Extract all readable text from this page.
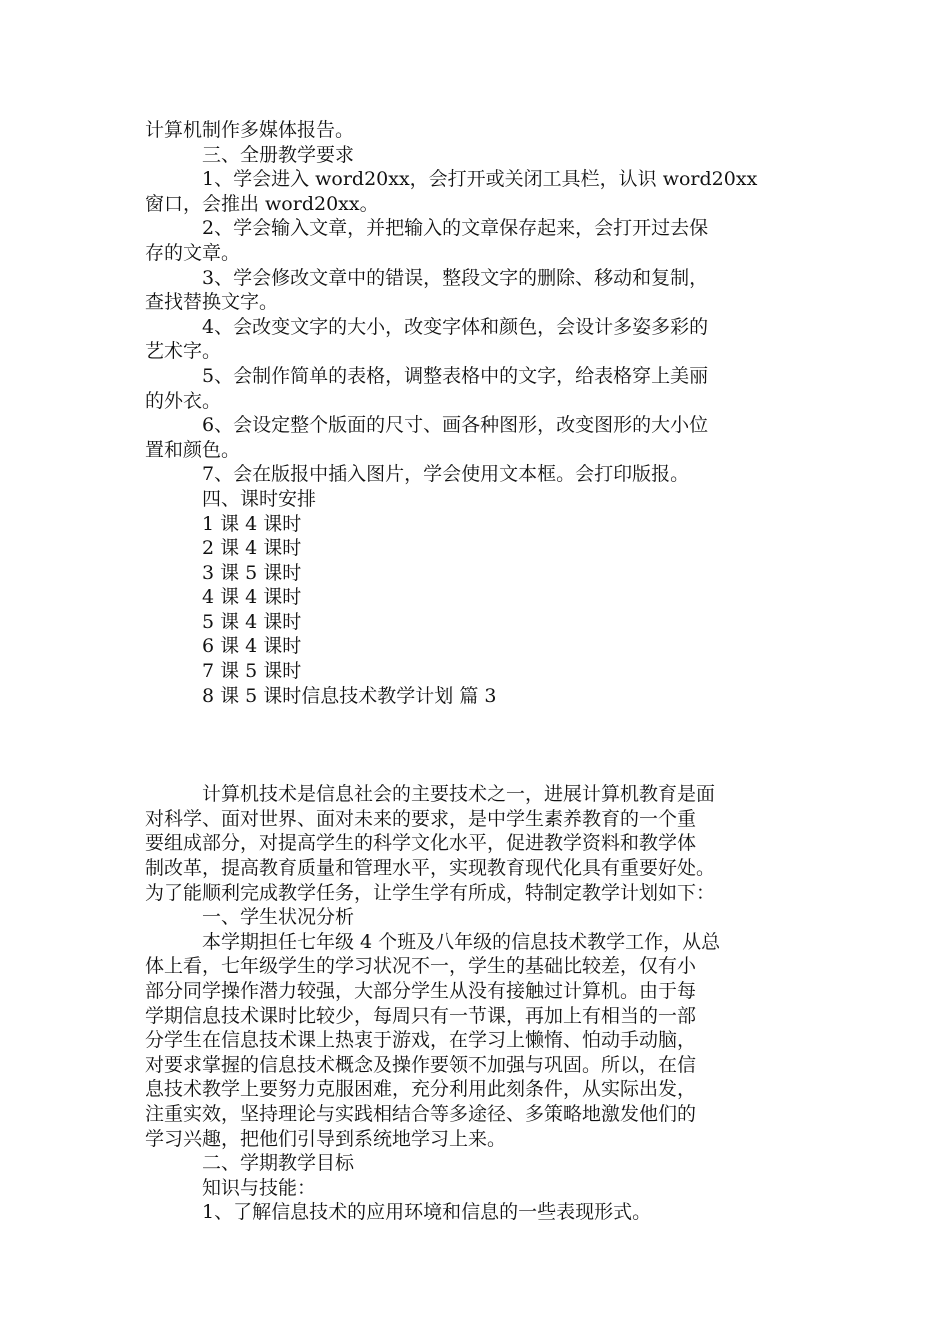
计算机制作多媒体报告。
三、全册教学要求
1、学会进入 word20xx，会打开或关闭工具栏，认识 word20xx
窗口，会推出 word20xx。
2、学会输入文章，并把输入的文章保存起来，会打开过去保
存的文章。
3、学会修改文章中的错误，整段文字的删除、移动和复制，
查找替换文字。
4、会改变文字的大小，改变字体和颜色，会设计多姿多彩的
艺术字。
5、会制作简单的表格，调整表格中的文字，给表格穿上美丽
的外衣。
6、会设定整个版面的尺寸、画各种图形，改变图形的大小位
置和颜色。
7、会在版报中插入图片，学会使用文本框。会打印版报。
四、课时安排
1 课 4 课时
2 课 4 课时
3 课 5 课时
4 课 4 课时
5 课 4 课时
6 课 4 课时
7 课 5 课时
8 课 5 课时信息技术教学计划 篇 3
计算机技术是信息社会的主要技术之一，进展计算机教育是面
对科学、面对世界、面对未来的要求，是中学生素养教育的一个重
要组成部分，对提高学生的科学文化水平，促进教学资料和教学体
制改革，提高教育质量和管理水平，实现教育现代化具有重要好处。
为了能顺利完成教学任务，让学生学有所成，特制定教学计划如下：
一、学生状况分析
本学期担任七年级 4 个班及八年级的信息技术教学工作，从总
体上看，七年级学生的学习状况不一，学生的基础比较差，仅有小
部分同学操作潜力较强，大部分学生从没有接触过计算机。由于每
学期信息技术课时比较少，每周只有一节课，再加上有相当的一部
分学生在信息技术课上热衷于游戏，在学习上懒惰、怕动手动脑，
对要求掌握的信息技术概念及操作要领不加强与巩固。所以，在信
息技术教学上要努力克服困难，充分利用此刻条件，从实际出发，
注重实效，坚持理论与实践相结合等多途径、多策略地激发他们的
学习兴趣，把他们引导到系统地学习上来。
二、学期教学目标
知识与技能：
1、了解信息技术的应用环境和信息的一些表现形式。
